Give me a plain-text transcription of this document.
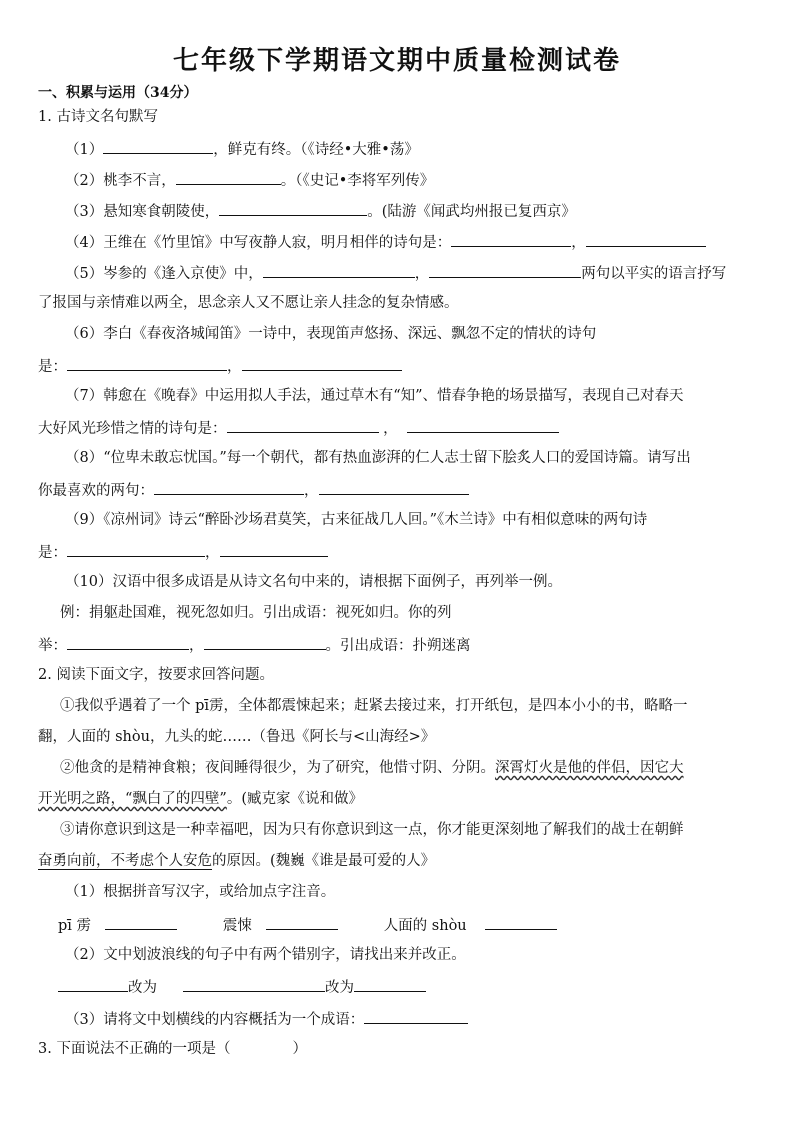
七年级下学期语文期中质量检测试卷
一、积累与运用（34分）
1. 古诗文名句默写
（1）	，鲜克有终。（《诗经•大雅•荡》
（2）桃李不言，	。（《史记•李将军列传》
（3）悬知寒食朝陵使，	。(陆游《闻武均州报已复西京》
（4）王维在《竹里馆》中写夜静人寂，明月相伴的诗句是：	，
（5）岑参的《逢入京使》中，	，	两句以平实的语言抒写
了报国与亲情难以两全，思念亲人又不愿让亲人挂念的复杂情感。
（6）李白《春夜洛城闻笛》一诗中，表现笛声悠扬、深远、飘忽不定的情状的诗句
是：	，
（7）韩愈在《晚春》中运用拟人手法，通过草木有“知”、惜春争艳的场景描写，表现自己对春天
大好风光珍惜之情的诗句是：	，
（8）“位卑未敢忘忧国。”每一个朝代，都有热血澎湃的仁人志士留下脍炙人口的爱国诗篇。请写出
你最喜欢的两句：	，
（9）《凉州词》诗云“醉卧沙场君莫笑，古来征战几人回。”《木兰诗》中有相似意味的两句诗
是：	，
（10）汉语中很多成语是从诗文名句中来的，请根据下面例子，再列举一例。
例：捐躯赴国难，视死忽如归。引出成语：视死如归。你的列
举：	，	。引出成语：扑朔迷离
2. 阅读下面文字，按要求回答问题。
①我似乎遇着了一个 pī雳，全体都震悚起来；赶紧去接过来，打开纸包，是四本小小的书，略略一
翻，人面的 shòu，九头的蛇……（鲁迅《阿长与<山海经>》
②他贪的是精神食粮；夜间睡得很少，为了研究，他惜寸阴、分阴。深霄灯火是他的伴侣，因它大
开光明之路，“飘白了的四壁”。(臧克家《说和做》
③请你意识到这是一种幸福吧，因为只有你意识到这一点，你才能更深刻地了解我们的战士在朝鲜
奋勇向前，不考虑个人安危的原因。(魏巍《谁是最可爱的人》
（1）根据拼音写汉字，或给加点字注音。
pī 雳	震悚	人面的 shòu
（2）文中划波浪线的句子中有两个错别字，请找出来并改正。
改为	改为
（3）请将文中划横线的内容概括为一个成语：
3. 下面说法不正确的一项是（	）
